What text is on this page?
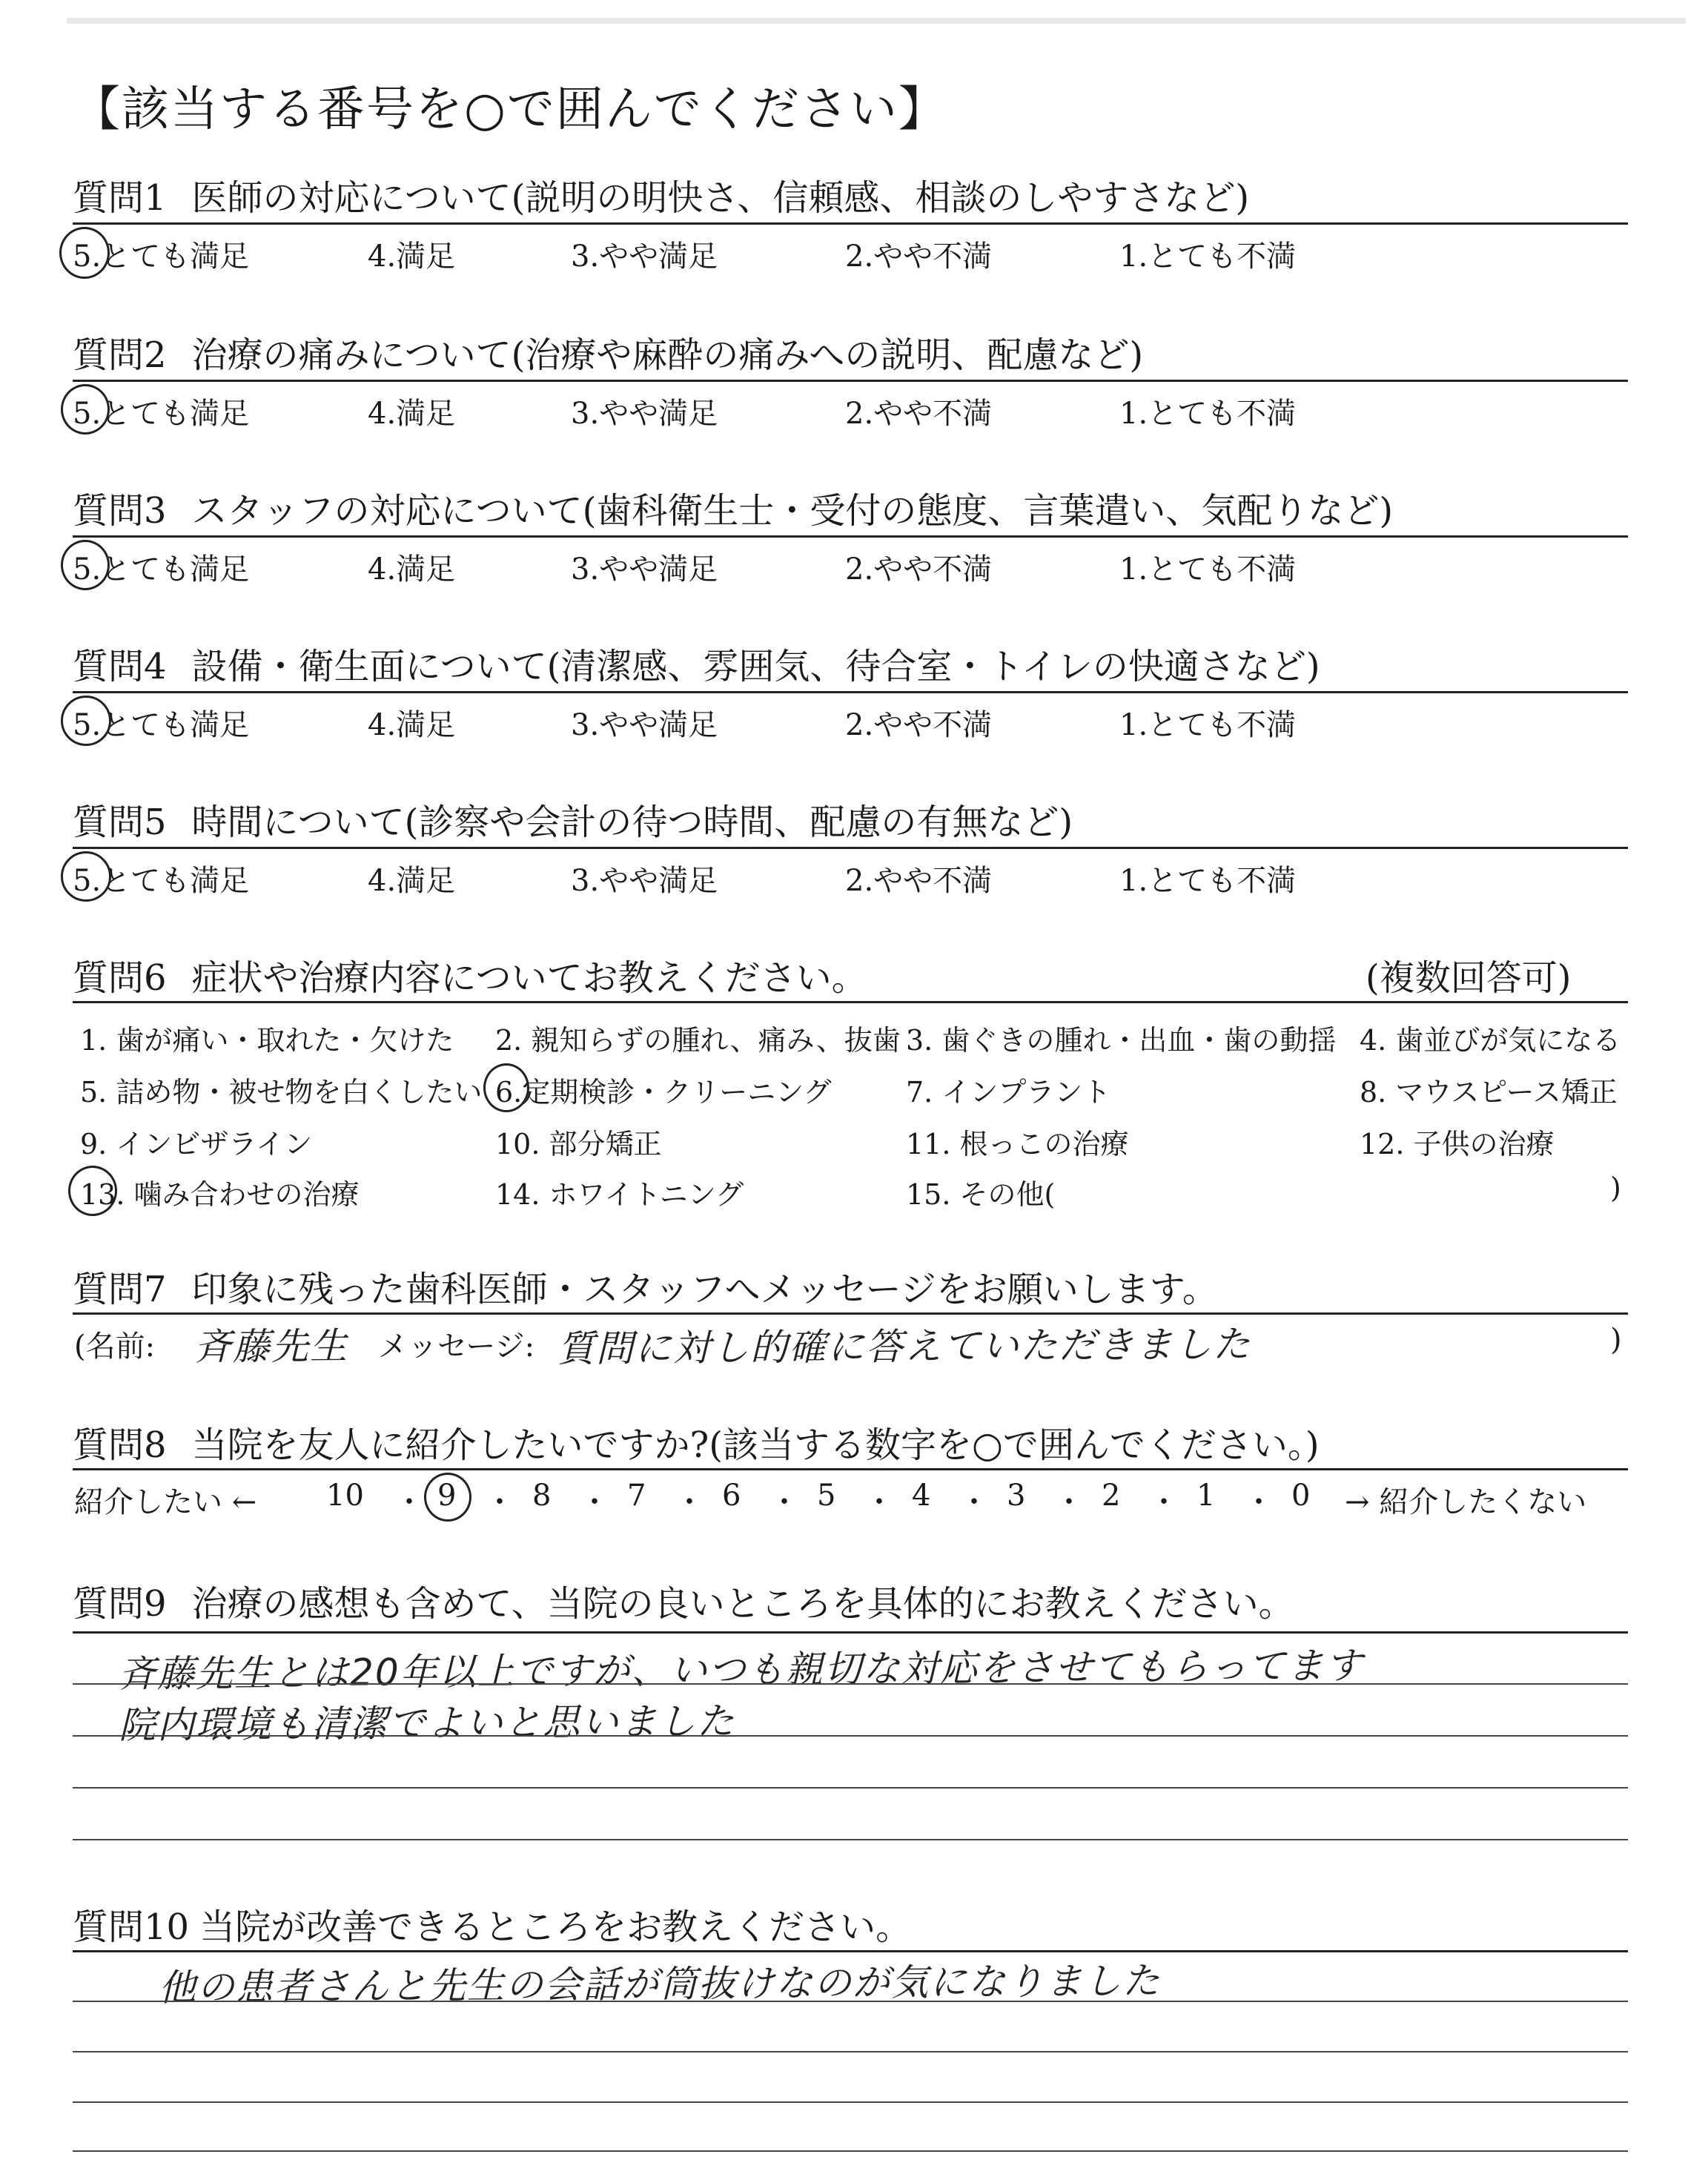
【該当する番号を○で囲んでください】
質問1 医師の対応について(説明の明快さ、信頼感、相談のしやすさなど)
5.とても満足	4.満足	3.やや満足	2.やや不満	1.とても不満
質問2 治療の痛みについて(治療や麻酔の痛みへの説明、配慮など)
5.とても満足	4.満足	3.やや満足	2.やや不満	1.とても不満
質問3 スタッフの対応について(歯科衛生士・受付の態度、言葉遣い、気配りなど)
5.とても満足	4.満足	3.やや満足	2.やや不満	1.とても不満
質問4 設備・衛生面について(清潔感、雰囲気、待合室・トイレの快適さなど)
5.とても満足	4.満足	3.やや満足	2.やや不満	1.とても不満
質問5 時間について(診察や会計の待つ時間、配慮の有無など)
5.とても満足	4.満足	3.やや満足	2.やや不満	1.とても不満
質問6 症状や治療内容についてお教えください。	(複数回答可)
1. 歯が痛い・取れた・欠けた 2. 親知らずの腫れ、痛み、抜歯 3. 歯ぐきの腫れ・出血・歯の動揺 4. 歯並びが気になる
5. 詰め物・被せ物を白くしたい 6.定期検診・クリーニング	7. インプラント	8. マウスピース矯正
9. インビザライン	10. 部分矯正	11. 根っこの治療	12. 子供の治療
13. 噛み合わせの治療	14. ホワイトニング	15. その他(	)
質問7 印象に残った歯科医師・スタッフへメッセージをお願いします。
(名前: 斉藤先生 メッセージ: 質問に対し的確に答えていただきました	)
質問8 当院を友人に紹介したいですか?(該当する数字を○で囲んでください。)
紹介したい ←	→ 紹介したくない
10 9	8	7	6	5	4	3	2	1	0
・ ・ ・ ・ ・ ・ ・ ・ ・ ・
質問9 治療の感想も含めて、当院の良いところを具体的にお教えください。
斉藤先生とは20年以上ですが、いつも親切な対応をさせてもらってます
院内環境も清潔でよいと思いました
質問10 当院が改善できるところをお教えください。
他の患者さんと先生の会話が筒抜けなのが気になりました
